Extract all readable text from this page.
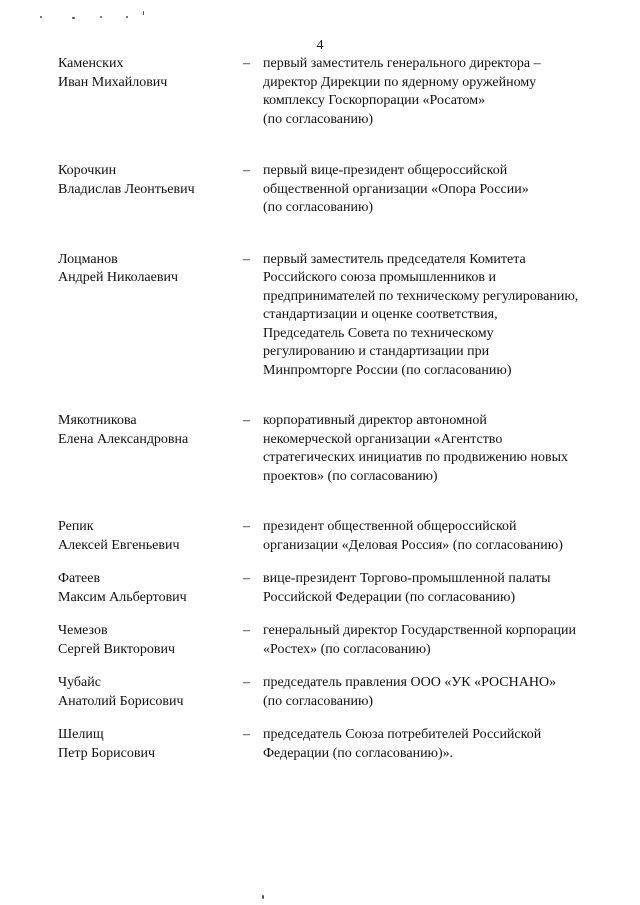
4
Каменских
Иван Михайлович
– первый заместитель генерального директора –
директор Дирекции по ядерному оружейному
комплексу Госкорпорации «Росатом»
(по согласованию)
Корочкин
Владислав Леонтьевич
– первый вице-президент общероссийской
общественной организации «Опора России»
(по согласованию)
Лоцманов
Андрей Николаевич
– первый заместитель председателя Комитета
Российского союза промышленников и
предпринимателей по техническому регулированию,
стандартизации и оценке соответствия,
Председатель Совета по техническому
регулированию и стандартизации при
Минпромторге России (по согласованию)
Мякотникова
Елена Александровна
– корпоративный директор автономной
некомерческой организации «Агентство
стратегических инициатив по продвижению новых
проектов» (по согласованию)
Репик
Алексей Евгеньевич
– президент общественной общероссийской
организации «Деловая Россия» (по согласованию)
Фатеев
Максим Альбертович
– вице-президент Торгово-промышленной палаты
Российской Федерации (по согласованию)
Чемезов
Сергей Викторович
– генеральный директор Государственной корпорации
«Ростех» (по согласованию)
Чубайс
Анатолий Борисович
– председатель правления ООО «УК «РОСНАНО»
(по согласованию)
Шелищ
Петр Борисович
– председатель Союза потребителей Российской
Федерации (по согласованию)».
